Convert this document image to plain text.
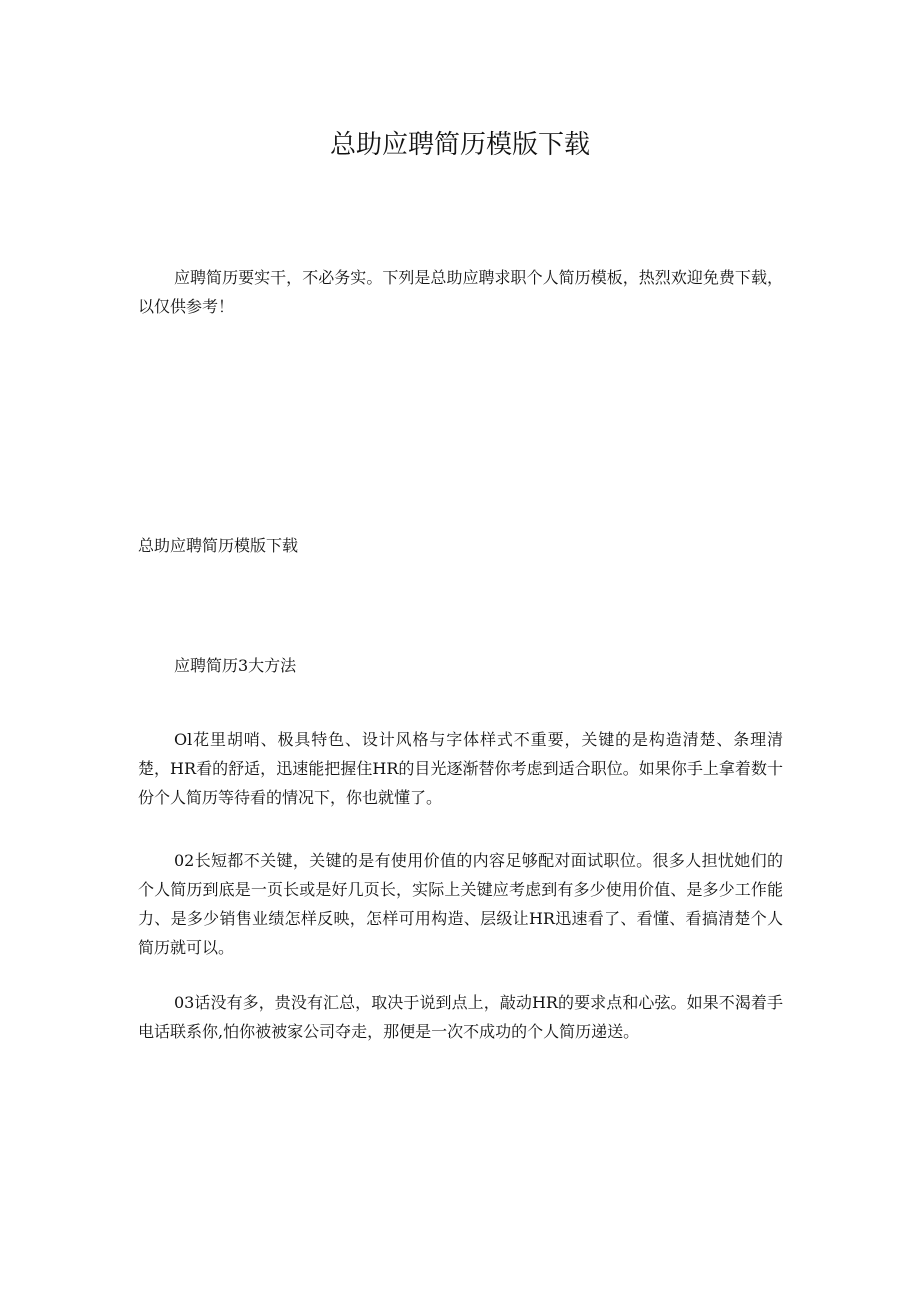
总助应聘简历模版下载

应聘简历要实干，不必务实。下列是总助应聘求职个人简历模板，热烈欢迎免费下载，以仅供参考！

总助应聘简历模版下载

应聘简历3大方法

Ol花里胡哨、极具特色、设计风格与字体样式不重要，关键的是构造清楚、条理清楚，HR看的舒适，迅速能把握住HR的目光逐渐替你考虑到适合职位。如果你手上拿着数十份个人简历等待看的情况下，你也就懂了。

02长短都不关键，关键的是有使用价值的内容足够配对面试职位。很多人担忧她们的个人简历到底是一页长或是好几页长，实际上关键应考虑到有多少使用价值、是多少工作能力、是多少销售业绩怎样反映，怎样可用构造、层级让HR迅速看了、看懂、看搞清楚个人简历就可以。

03话没有多，贵没有汇总，取决于说到点上，敲动HR的要求点和心弦。如果不渴着手电话联系你,怕你被被家公司夺走，那便是一次不成功的个人简历递送。
